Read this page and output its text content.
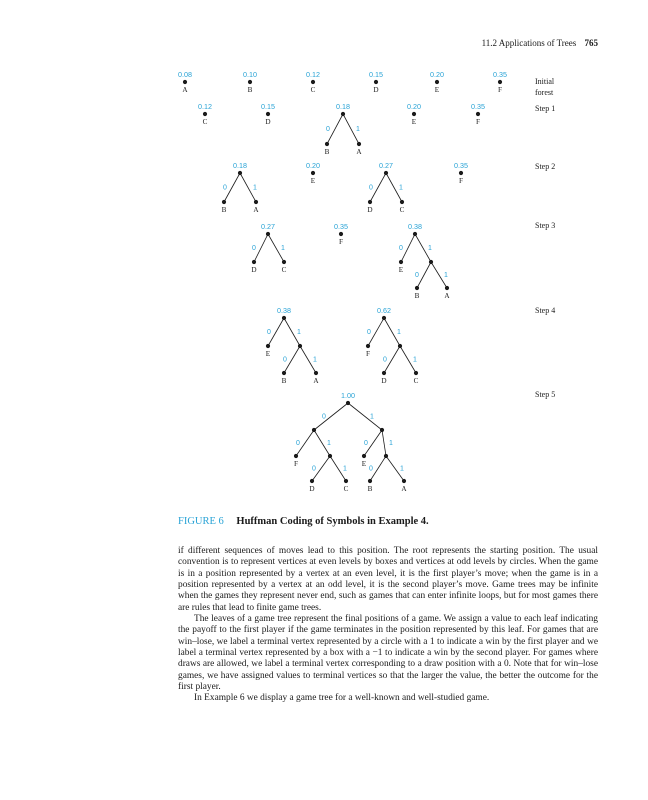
11.2 Applications of Trees 765
0.08
A
0.10
B
0.12
C
0.15
D
0.20
E
0.35
F
Initial
forest
0.12
C
0.15
D
0.18
0	1
B	A
0.20
E
0.35
F
Step 1
0.18
0	1
B	A
0.20
E
0.27
0	1
D	C
0.35
F
Step 2
0.27
0	1
D	C
0.35
F
0.38
0	1
E
0	1
B	A
Step 3
0.38
0	1
E
0	1
B	A
0.62
0	1
F
0	1
D	C
Step 4
1.00
0	1
0	1
F
0	1
D	C
0	1
E
0	1
B	A
Step 5
FIGURE 6 Huffman Coding of Symbols in Example 4.

if different sequences of moves lead to this position. The root represents the starting position. The usual convention is to represent vertices at even levels by boxes and vertices at odd levels by circles. When the game is in a position represented by a vertex at an even level, it is the first player’s move; when the game is in a position represented by a vertex at an odd level, it is the second player’s move. Game trees may be infinite when the games they represent never end, such as games that can enter infinite loops, but for most games there are rules that lead to finite game trees.

The leaves of a game tree represent the final positions of a game. We assign a value to each leaf indicating the payoff to the first player if the game terminates in the position represented by this leaf. For games that are win–lose, we label a terminal vertex represented by a circle with a 1 to indicate a win by the first player and we label a terminal vertex represented by a box with a −1 to indicate a win by the second player. For games where draws are allowed, we label a terminal vertex corresponding to a draw position with a 0. Note that for win–lose games, we have assigned values to terminal vertices so that the larger the value, the better the outcome for the first player.

In Example 6 we display a game tree for a well-known and well-studied game.
